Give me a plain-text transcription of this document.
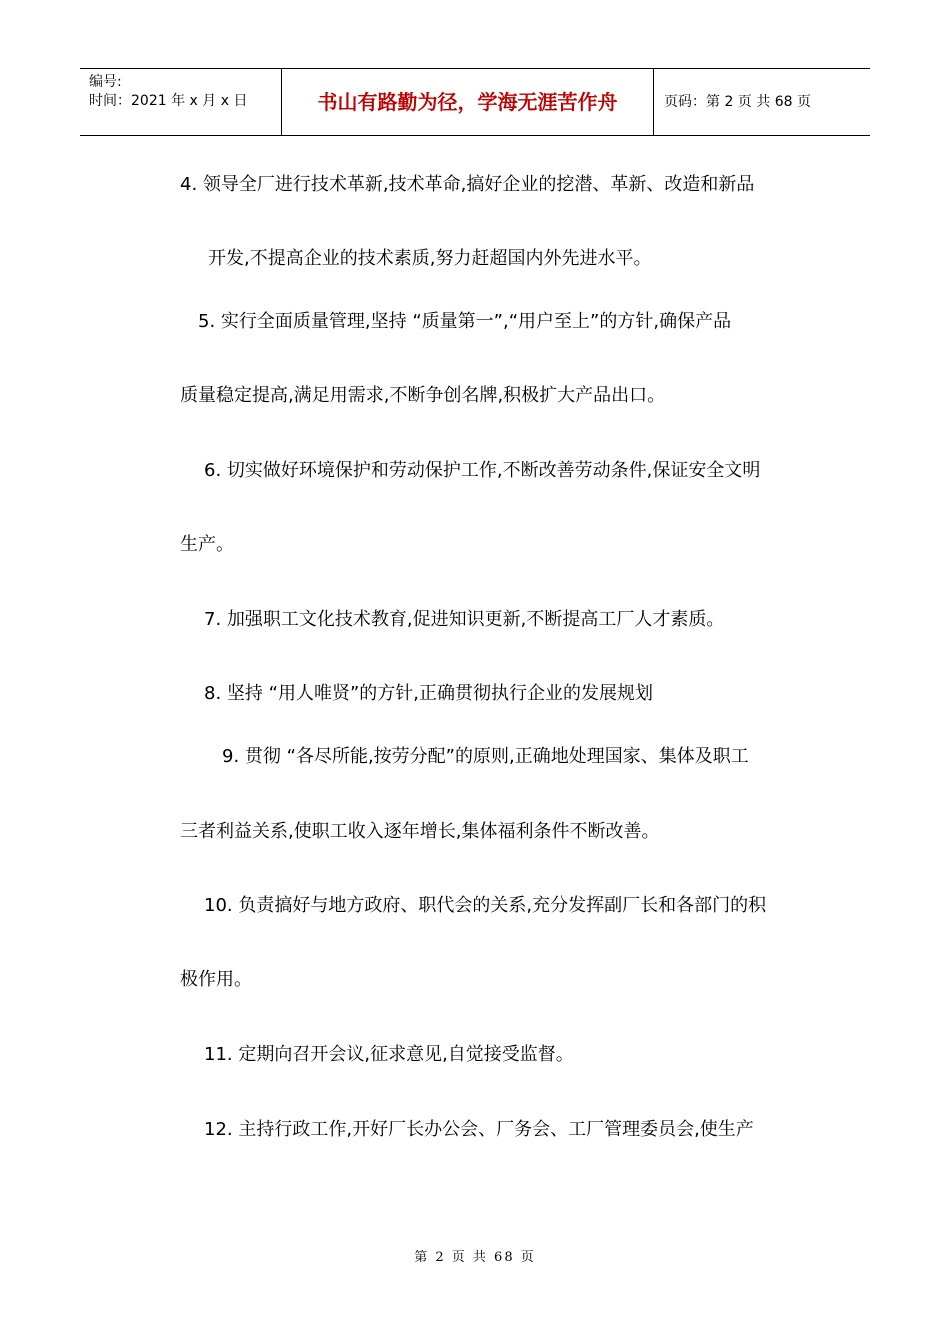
编号:
时间：2021 年 x 月 x 日	书山有路勤为径，学海无涯苦作舟	页码：第 2 页 共 68 页
4. 领导全厂进行技术革新,技术革命,搞好企业的挖潜、革新、改造和新品
开发,不提高企业的技术素质,努力赶超国内外先进水平。
5. 实行全面质量管理,坚持 “质量第一”,“用户至上”的方针,确保产品
质量稳定提高,满足用需求,不断争创名牌,积极扩大产品出口。
6. 切实做好环境保护和劳动保护工作,不断改善劳动条件,保证安全文明
生产。
7. 加强职工文化技术教育,促进知识更新,不断提高工厂人才素质。
8. 坚持 “用人唯贤”的方针,正确贯彻执行企业的发展规划
9. 贯彻 “各尽所能,按劳分配”的原则,正确地处理国家、集体及职工
三者利益关系,使职工收入逐年增长,集体福利条件不断改善。
10. 负责搞好与地方政府、职代会的关系,充分发挥副厂长和各部门的积
极作用。
11. 定期向召开会议,征求意见,自觉接受监督。
12. 主持行政工作,开好厂长办公会、厂务会、工厂管理委员会,使生产
第 2 页 共 68 页
